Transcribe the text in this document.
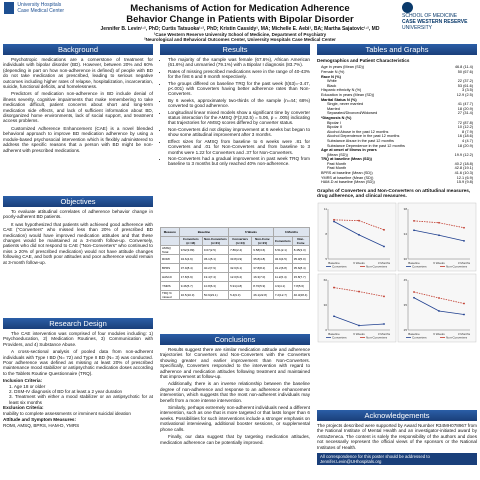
University Hospitals
Case Medical Center	Mechanisms of Action for Medication Adherence
Behavior Change in Patients with Bipolar Disorder	SCHOOL OF MEDICINE
CASE WESTERN RESERVE
UNIVERSITY
Jennifer B. Levin¹·², PhD; Curtis Tatsuoka¹·², PhD; Kristin Cassidy¹, MA; Michelle E. Aebi¹, BA; Martha Sajatovic¹·², MD
¹Case Western Reserve University School of Medicine, Department of Psychiatry
²Neurological and Behavioral Outcomes Center, University Hospitals Case Medical Center
Background

Psychotropic medications are a cornerstone of treatment for individuals with bipolar disorder (BD). However, between 20% and 60% (depending in part on how non-adherence is defined) of people with BD do not take medication as prescribed, leading to serious negative outcomes including higher rates of relapse, hospitalization, incarceration, suicide, functional deficits, and homelessness.

Predictors of medication non-adherence in BD include denial of illness severity, cognitive impairments that make remembering to take medication difficult, patient concerns about short and long-term medication side effects, and lack of sufficient information about BD, disorganized home environments, lack of social support, and treatment access problems.

Customized Adherence Enhancement (CAE) is a novel blended behavioral approach to improve BD medication adherence by using a module-based psychosocial intervention which is flexibly administered to address the specific reasons that a person with BD might be non-adherent with prescribed medications.

Objectives

To evaluate attitudinal correlates of adherence behavior change in poorly-adherent BD patients.

It was hypothesized that patients with achieved good adherence with CAE ("Converters" who missed less than 20% of prescribed BD medication) would have improved medication attitudes and that these changes would be maintained at a 3-month follow-up. Conversely, patients who did not respond to CAE ("Non-Converters" who continued to miss ≥ 20% of prescribed medication) would not have attitude changes following CAE, and both poor attitudes and poor adherence would remain at 3-month follow-up.

Research Design

The CAE intervention was comprised of four modules including: 1) Psychoeducation, 2) Medication Routines, 3) Communication with Providers, and 4) Substance Abuse.

A cross-sectional analysis of pooled data from non-adherent individuals with Type I BD (N= 72) and Type II BD (N= 3) was conducted. Poor adherence was defined as missing at least 20% of prescribed maintenance mood stabilizer or antipsychotic medication doses according to the Tablets Routine Questionnaire (TRQ).

Inclusion Criteria:
1. Age 18 or older
2. DSM-IV diagnosis of BD for at least a 2 year duration
3. Treatment with either a mood stabilizer or an antipsychotic for at least six months
Exclusion Criteria:
Inability to complete assessments or imminent suicidal ideation
Attitude and Symptom Measures:
ROMI, AMSQ, BPRS, HAM-D, YMRS
Results
• The majority of the sample was female (67.6%), African American (61.6%) and unmarried (79.1%) with a Bipolar I diagnosis (83.7%).
• Rates of missing prescribed medications were in the range of 40-43% for the first 6 and 9 month respectively.
• The groups differed on baseline TRQ for the past week (t(63)=-3.47, p<.001) with Converters having better adherence rates than Non-Converters.
• By 6 weeks, approximately two-thirds of the sample (n=44; 68%) converted to good adherence.
• Longitudinal linear mixed models show a significant time by converter status interaction for the AMSQ (F(2,82.5) = 5.06, p = .005) indicating that trajectories for AMSQ scores differed by converter status.
• Non-Converters did not display improvement at 6 weeks but began to show some attitudinal improvement after 3 months.
• Effect sizes for AMSQ from baseline to 6 weeks were .81 for Converters and .01 for Non-Converters and from baseline to 3 months were 1.22 for Converters and .37 for Non-Converters.
• Non-Converters had a gradual improvement in past week TRQ from baseline to 3 months but only reached 40% non-adherence.
Measure	Baseline		6 Weeks		3 Months	
	Converters (n=44)	Non-Converters (n=21)	Converters (n=44)	Non-Conv. (n=21)	Converters	Non-Conv.
AMSQ Total	9.52(3.89)	9.67(2.5)	7.86(2.4)	9.58(3.6)	6.51(2.1)	8.45(3.3)
ROMI	34.6(4.6)	36.1(5.1)	33.8(4.9)	35.8(4.8)	32.9(4.5)	35.0(5.0)
BPRS	37.9(8.4)	40.2(7.9)	32.6(6.1)	37.8(8.2)	31.2(6.8)	35.6(8.4)
HAM-D	17.8(6.9)	19.4(7.4)	12.0(6.2)	16.3(7.0)	11.2(6.4)	15.8(7.7)
YMRS	9.46(5.7)	10.8(6.3)	5.91(4.8)	8.70(5.9)	4.9(4.1)	7.8(5.6)
TRQ % missed	16.5(10.3)	50.9(23.1)	5.4(9.3)	46.1(22.8)	7.2(12.7)	40.3(28.4)
Conclusions

Results suggest there are similar medication attitude and adherence trajectories for Converters and Non-Converters with the Converters showing greater and earlier improvement than Non-Converters. Specifically, Converters responded to the intervention with regard to adherence and medication attitudes following treatment and maintained that improvement at follow-up.

Additionally, there is an inverse relationship between the baseline degree of non-adherence and response to an adherence enhancement intervention, which suggests that the most non-adherent individuals may benefit from a more intense intervention.

Similarly, perhaps extremely non-adherent individuals need a different intervention, such as one that is more targeted or that lasts longer than 6 weeks. Possibilities for such interventions include a stronger emphasis on motivational interviewing, additional booster sessions, or supplemental phone calls.

Finally, our data suggest that by targeting medication attitudes, medication adherence can be potentially improved.

Tables and Graphs
Demographics and Patient Characteristics
Age in years (Mean (SD))	46.8 (11.4)
Female N (%)	50 (67.6)
Race N (%)
White	22 (37.2)
Black	53 (61.6)
Hispanic ethnicity N (%)	3 (3.5)
Education in years (Mean (SD))	12.9 (2.5)
Marital Status N (%)
Single, never married	41 (47.7)
Married	18 (20.9)
Separated/Divorced/Widowed	27 (31.4)
*Diagnosis N (%)
Bipolar I	72 (87.8)
Bipolar II	10 (12.2)
Alcohol Abuse in the past 12 months	8 (7.9)
Alcohol Dependence in the past 12 months	16 (18.6)
Substance Abuse in the past 12 months	4 (4.7)
Substance Dependence in the past 12 months	18 (20.9)
Age at onset of illness in years
(Mean (SD))	19.9 (12.2)
TRQ at baseline (Mean (SD))
Past Month	40.2 (18.8)
Past Month	42.8 (19.1)
BPRS at baseline (Mean (SD))	41.6 (10.3)
YMRS at baseline (Mean (SD))	12.1 (6.9)
HAM-D at baseline (Mean (SD))	15.9 (9.8)
Graphs of Converters and Non-Converters on attitudinal measures, drug adherence, and clinical measures.
5
8
11
Baseline	6 Weeks	3 Months
Converters	Non-Converters
30
34
38
Baseline	6 Weeks	3 Months
Converters	Non-Converters
0
30
60
Baseline	6 Weeks	3 Months
Converters	Non-Converters
25
35
45
Baseline	6 Weeks	3 Months
Converters	Non-Converters
Acknowledgements
The projects described were supported by Award Number R34MH078967 from the National Institute of Mental Health and an investigator-initiated award by AstraZeneca. The content is solely the responsibility of the authors and does not necessarily represent the official views of the sponsors or the National Institutes of Health.
All correspondence for this poster should be addressed to
Jennifer.Levin@UHhospitals.org
